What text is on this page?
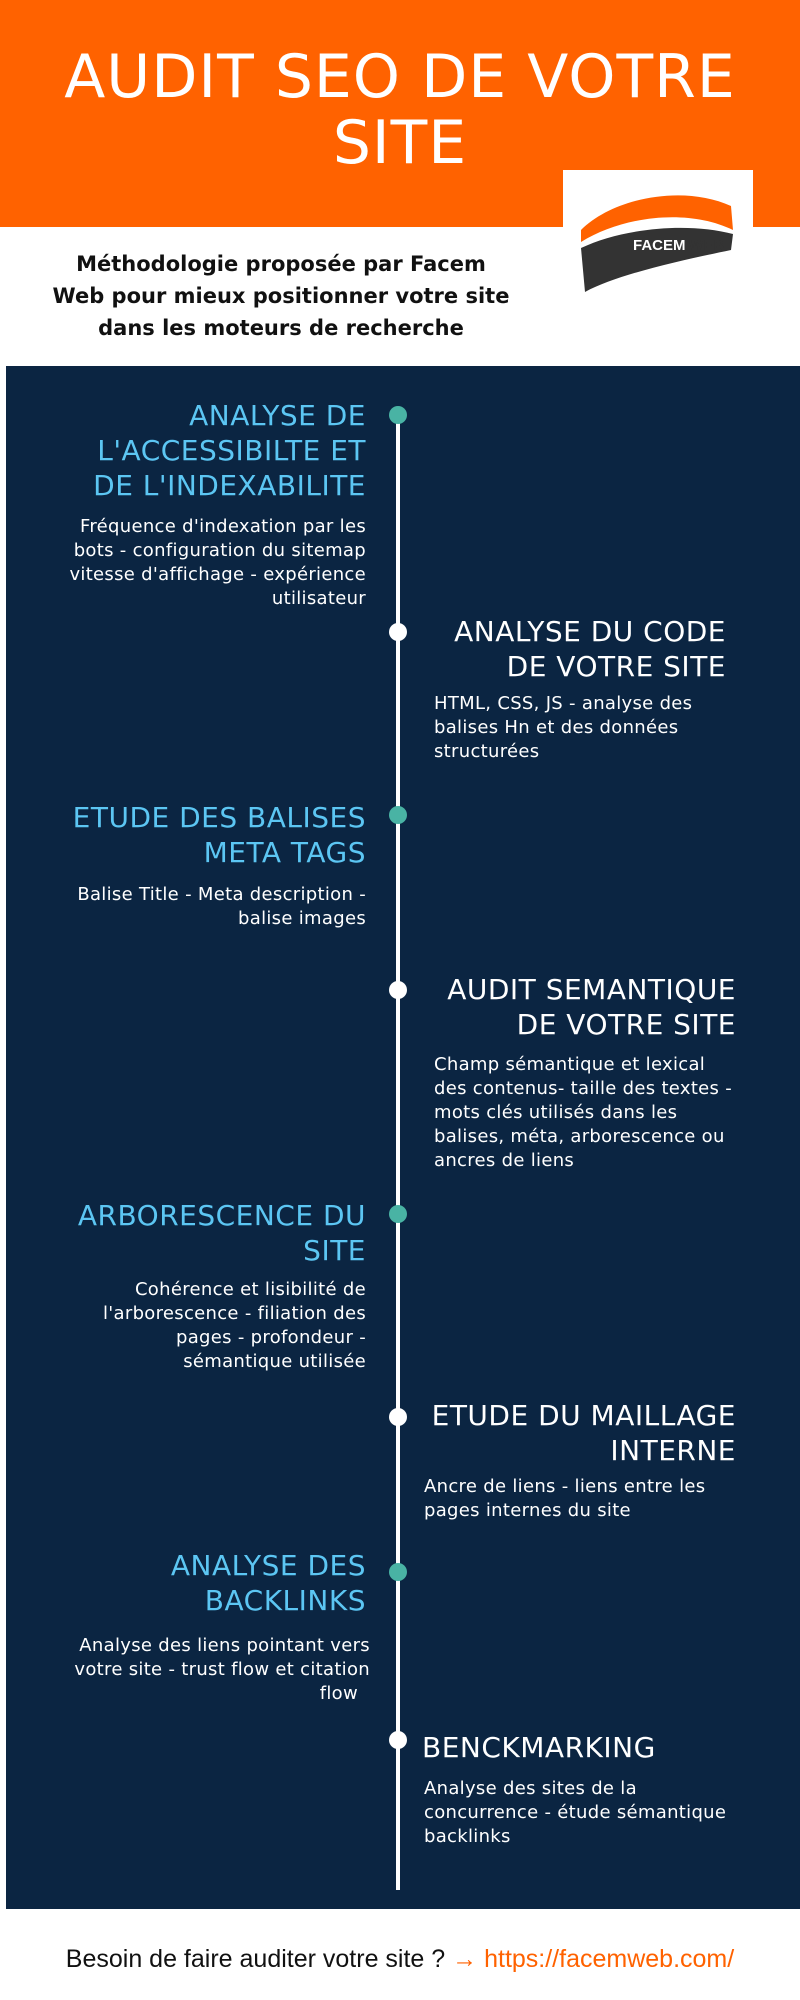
AUDIT SEO DE VOTRE
SITE
FACEM WEB
Méthodologie proposée par Facem
Web pour mieux positionner votre site
dans les moteurs de recherche
ANALYSE DE
L'ACCESSIBILTE ET
DE L'INDEXABILITE
Fréquence d'indexation par les
bots - configuration du sitemap
vitesse d'affichage - expérience
utilisateur
ANALYSE DU CODE
DE VOTRE SITE
HTML, CSS, JS - analyse des
balises Hn et des données
structurées
ETUDE DES BALISES
META TAGS
Balise Title - Meta description -
balise images
AUDIT SEMANTIQUE
DE VOTRE SITE
Champ sémantique et lexical
des contenus- taille des textes -
mots clés utilisés dans les
balises, méta, arborescence ou
ancres de liens
ARBORESCENCE DU
SITE
Cohérence et lisibilité de
l'arborescence - filiation des
pages - profondeur -
sémantique utilisée
ETUDE DU MAILLAGE
INTERNE
Ancre de liens - liens entre les
pages internes du site
ANALYSE DES
BACKLINKS
Analyse des liens pointant vers
votre site - trust flow et citation
flow
BENCKMARKING
Analyse des sites de la
concurrence - étude sémantique
backlinks
Besoin de faire auditer votre site ? → https://facemweb.com/
